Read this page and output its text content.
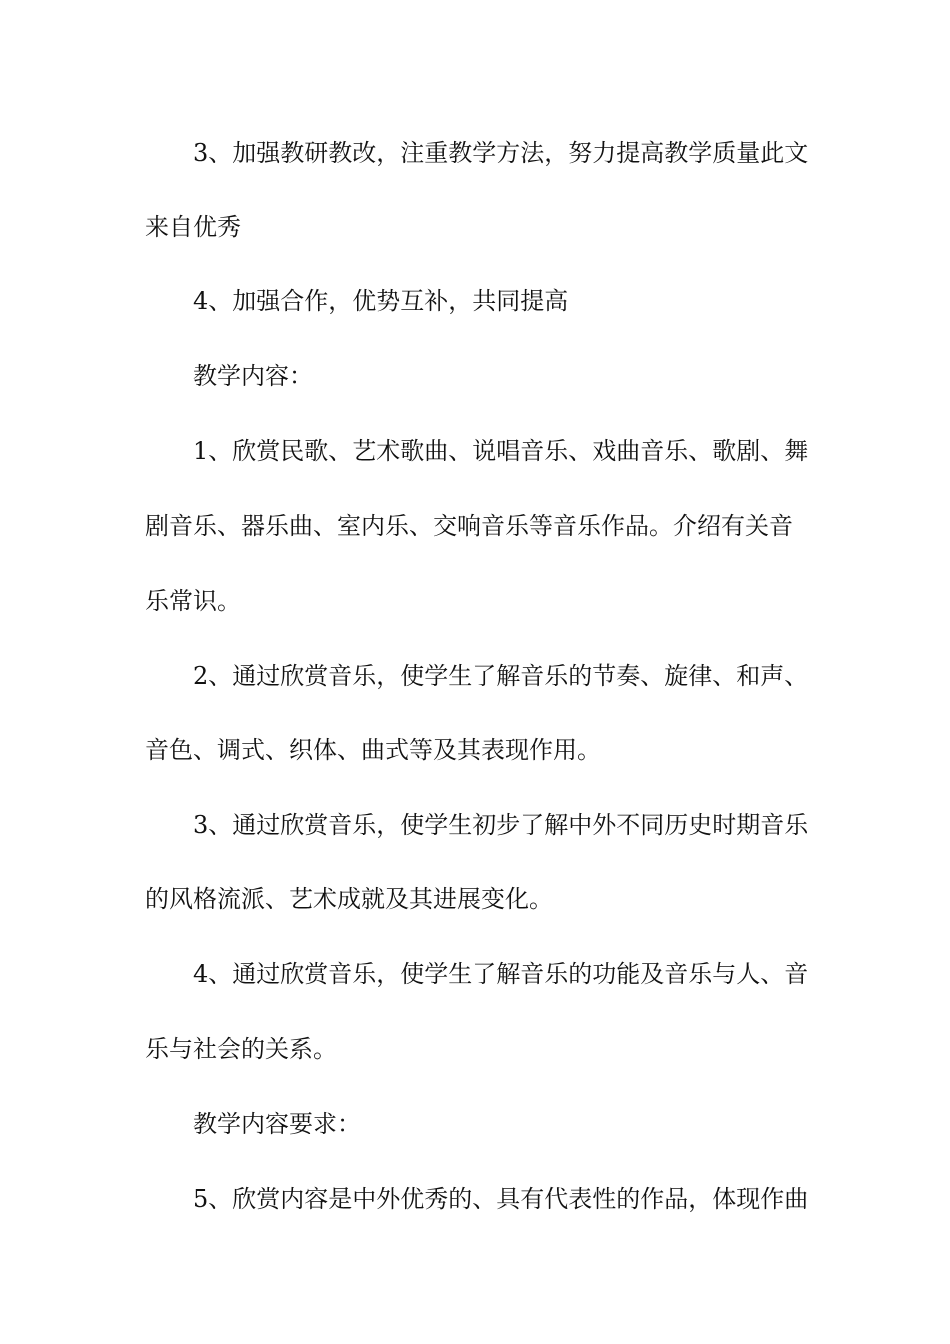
3、加强教研教改，注重教学方法，努力提高教学质量此文
来自优秀
4、加强合作，优势互补，共同提高
教学内容：
1、欣赏民歌、艺术歌曲、说唱音乐、戏曲音乐、歌剧、舞
剧音乐、器乐曲、室内乐、交响音乐等音乐作品。介绍有关音
乐常识。
2、通过欣赏音乐，使学生了解音乐的节奏、旋律、和声、
音色、调式、织体、曲式等及其表现作用。
3、通过欣赏音乐，使学生初步了解中外不同历史时期音乐
的风格流派、艺术成就及其进展变化。
4、通过欣赏音乐，使学生了解音乐的功能及音乐与人、音
乐与社会的关系。
教学内容要求：
5、欣赏内容是中外优秀的、具有代表性的作品，体现作曲
